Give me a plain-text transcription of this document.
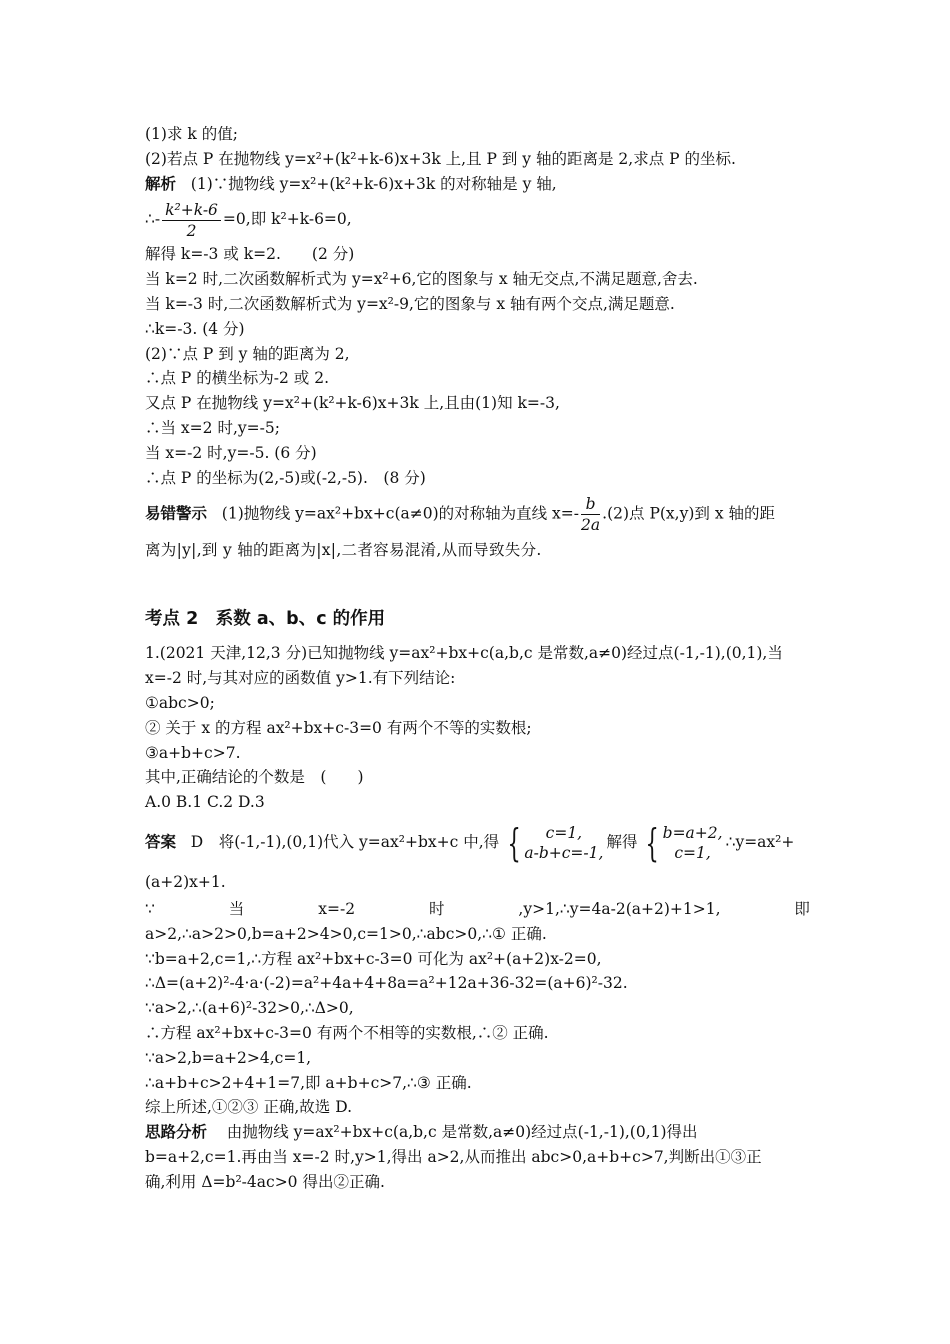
(1)求 k 的值;
(2)若点 P 在抛物线 y=x²+(k²+k-6)x+3k 上,且 P 到 y 轴的距离是 2,求点 P 的坐标.
解析 (1)∵抛物线 y=x²+(k²+k-6)x+3k 的对称轴是 y 轴,
∴- $\frac{\text{k²+k-6}}{2} =0$,即 k²+k-6=0,
解得 k=-3 或 k=2.　　(2 分)
当 k=2 时,二次函数解析式为 y=x²+6,它的图象与 x 轴无交点,不满足题意,舍去.
当 k=-3 时,二次函数解析式为 y=x²-9,它的图象与 x 轴有两个交点,满足题意.
∴k=-3. (4 分)
(2)∵点 P 到 y 轴的距离为 2,
∴点 P 的横坐标为-2 或 2.
又点 P 在抛物线 y=x²+(k²+k-6)x+3k 上,且由(1)知 k=-3,
∴当 x=2 时,y=-5;
当 x=-2 时,y=-5. (6 分)
∴点 P 的坐标为(2,-5)或(-2,-5).　(8 分)
易错警示 (1)抛物线 y=ax²+bx+c(a≠0)的对称轴为直线 $x=- \frac{b}{2a} .(2)$点 P(x,y)到 x 轴的距
离为|y|,到 y 轴的距离为|x|,二者容易混淆,从而导致失分.
考点 2　系数 a、b、c 的作用
1.(2021 天津,12,3 分)已知抛物线 y=ax²+bx+c(a,b,c 是常数,a≠0)经过点(-1,-1),(0,1),当
x=-2 时,与其对应的函数值 y>1.有下列结论:
①abc>0;
② 关于 x 的方程 ax²+bx+c-3=0 有两个不等的实数根;
③a+b+c>7.
其中,正确结论的个数是　(　　)
A.0 B.1 C.2 D.3
答案 D　将(-1,-1),(0,1)代入 y=ax²+bx+c 中,得 {	c=1,
a-b+c=-1,
解得 { b=a+2,
c=1,
∴y=ax²+
(a+2)x+1.
∵	当	x=-2	时	,y>1,∴y=4a-2(a+2)+1>1,	即
a>2,∴a>2>0,b=a+2>4>0,c=1>0,∴abc>0,∴① 正确.
∵b=a+2,c=1,∴方程 ax²+bx+c-3=0 可化为 ax²+(a+2)x-2=0,
∴Δ=(a+2)²-4·a·(-2)=a²+4a+4+8a=a²+12a+36-32=(a+6)²-32.
∵a>2,∴(a+6)²-32>0,∴Δ>0,
∴方程 ax²+bx+c-3=0 有两个不相等的实数根,∴② 正确.
∵a>2,b=a+2>4,c=1,
∴a+b+c>2+4+1=7,即 a+b+c>7,∴③ 正确.
综上所述,①②③ 正确,故选 D.
思路分析 由抛物线 y=ax²+bx+c(a,b,c 是常数,a≠0)经过点(-1,-1),(0,1)得出
b=a+2,c=1.再由当 x=-2 时,y>1,得出 a>2,从而推出 abc>0,a+b+c>7,判断出①③正
确,利用 Δ=b²-4ac>0 得出②正确.
